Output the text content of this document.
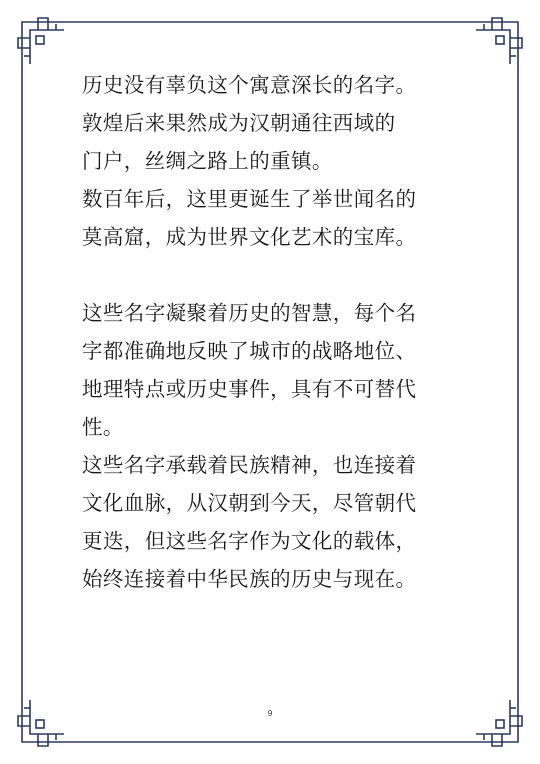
历史没有辜负这个寓意深长的名字。

敦煌后来果然成为汉朝通往西域的

门户，丝绸之路上的重镇。

数百年后，这里更诞生了举世闻名的

莫高窟，成为世界文化艺术的宝库。

这些名字凝聚着历史的智慧，每个名

字都准确地反映了城市的战略地位、

地理特点或历史事件，具有不可替代

性。

这些名字承载着民族精神，也连接着

文化血脉，从汉朝到今天，尽管朝代

更迭，但这些名字作为文化的载体，

始终连接着中华民族的历史与现在。

9
